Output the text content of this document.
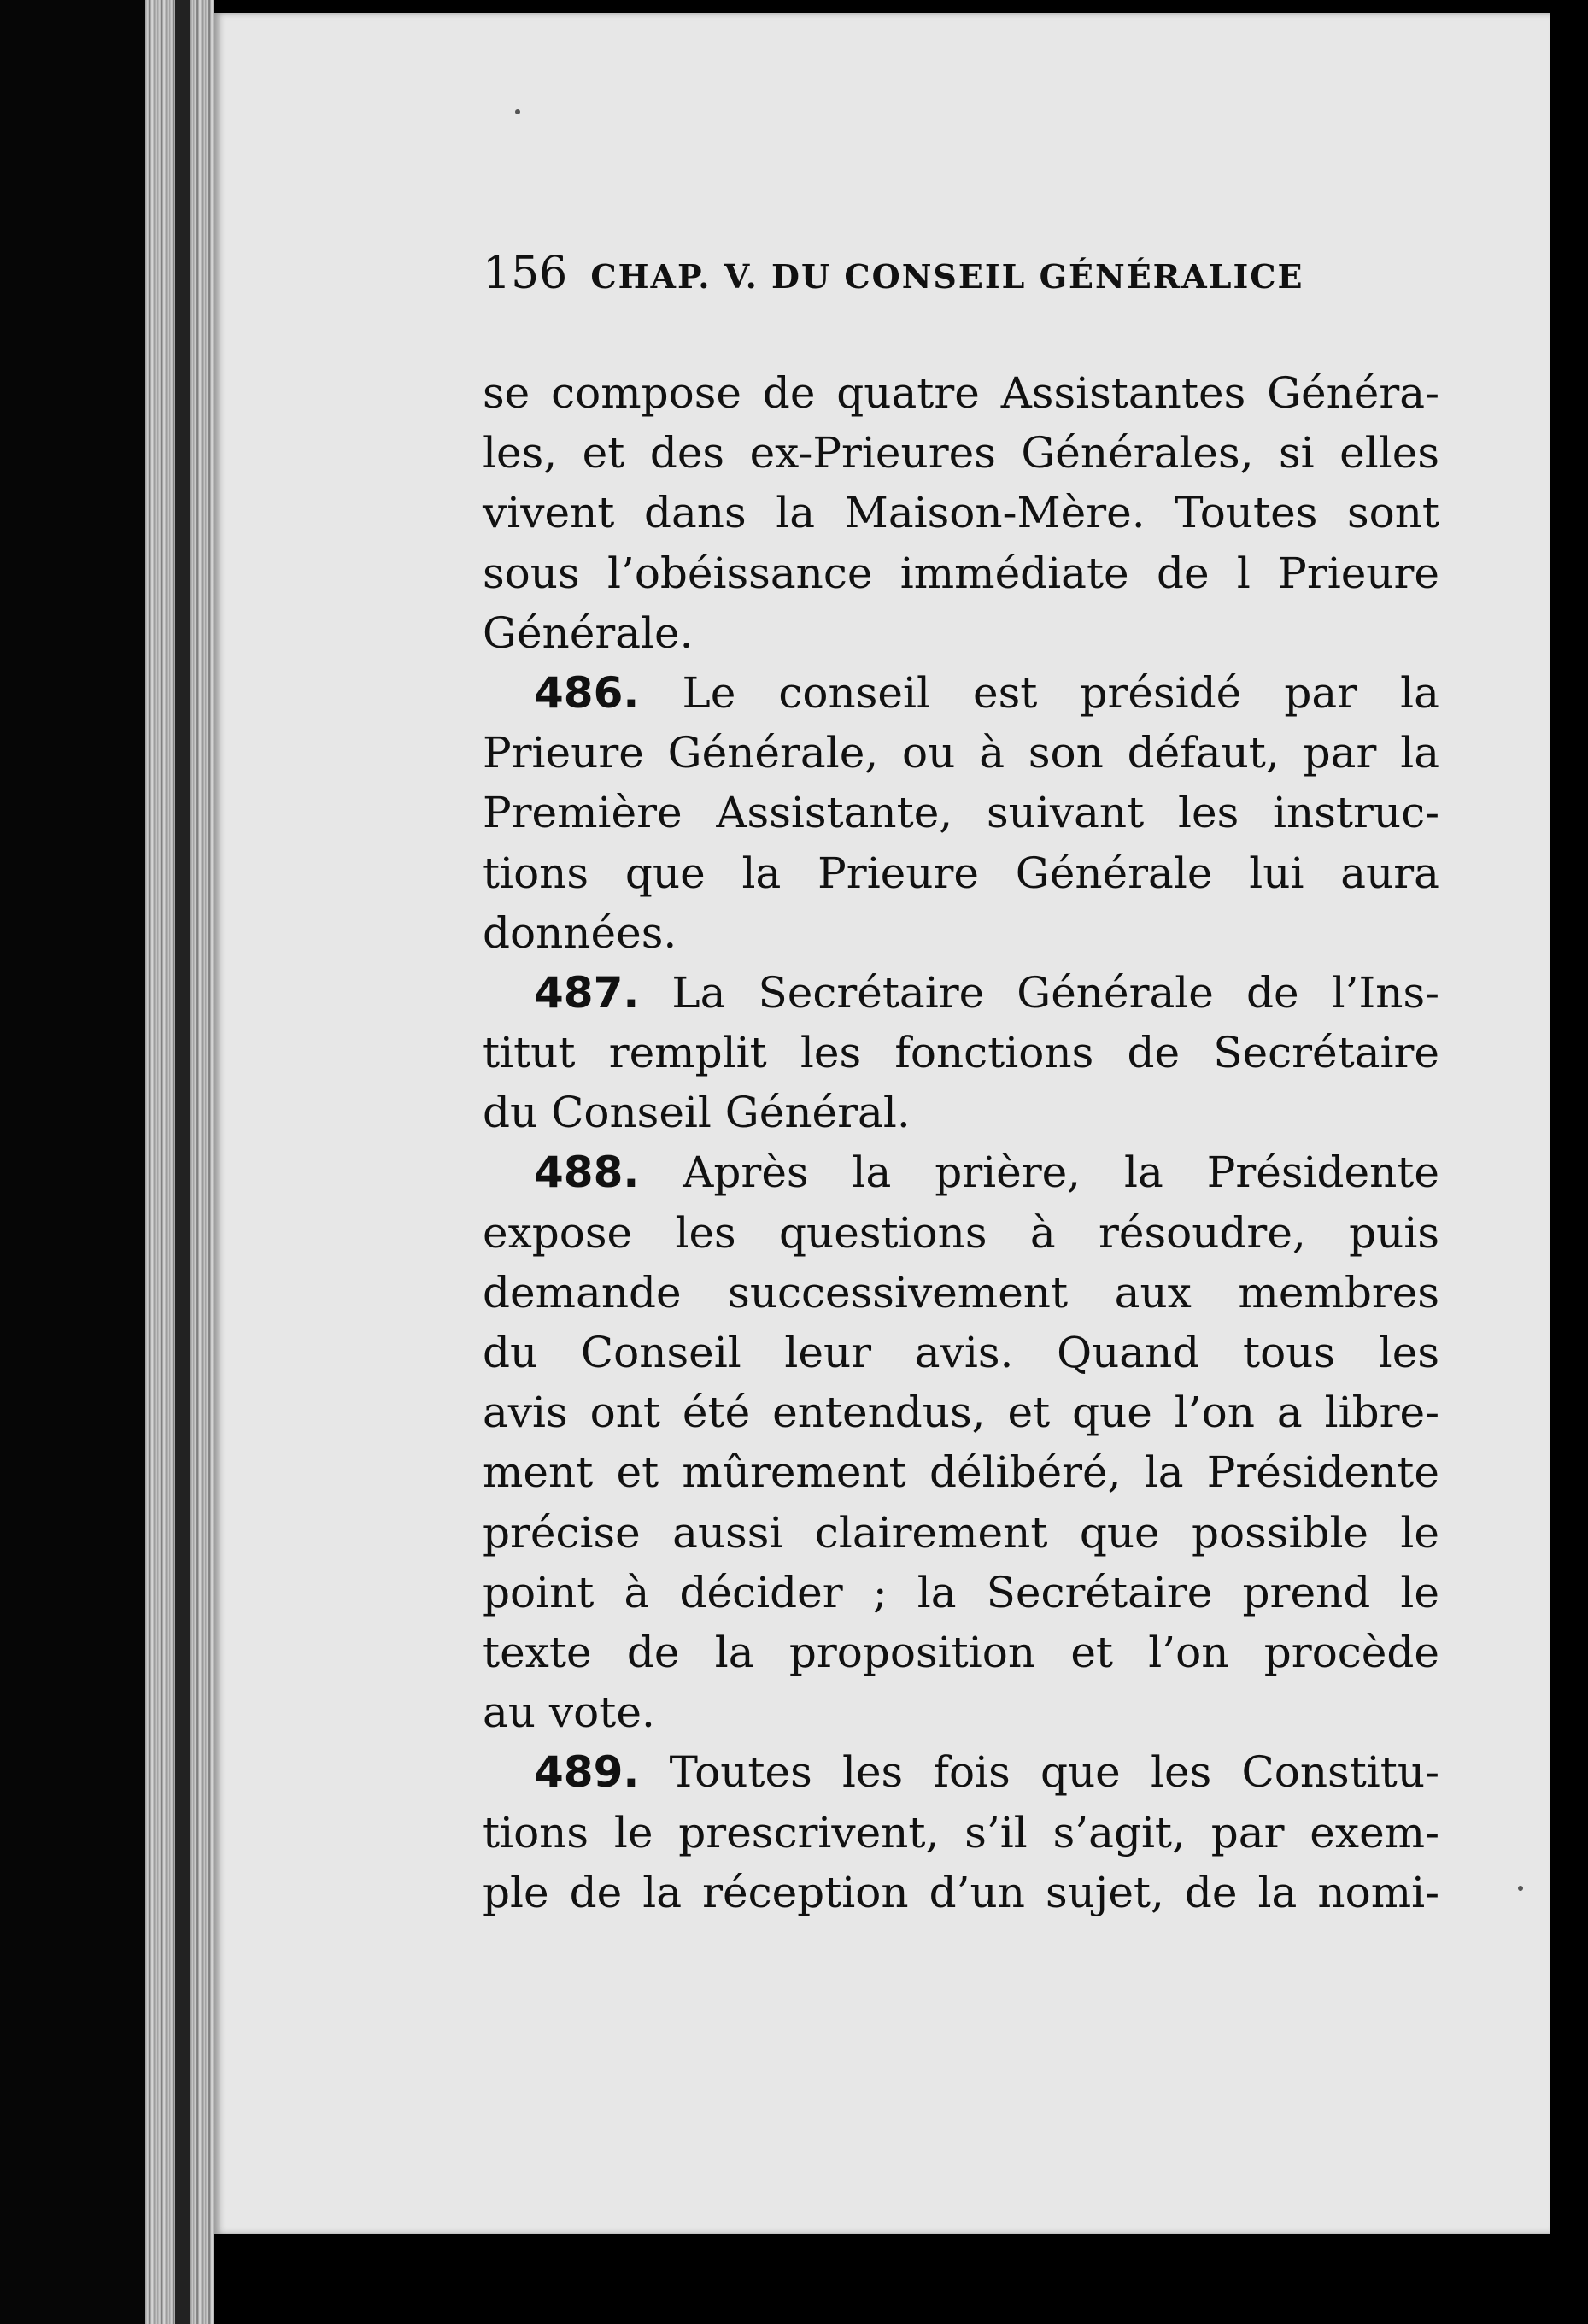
156 CHAP. V. DU CONSEIL GÉNÉRALICE
se compose de quatre Assistantes Généra-
les, et des ex-Prieures Générales, si elles
vivent dans la Maison-Mère. Toutes sont
sous l’obéissance immédiate de l Prieure
Générale.
486. Le conseil est présidé par la
Prieure Générale, ou à son défaut, par la
Première Assistante, suivant les instruc-
tions que la Prieure Générale lui aura
données.
487. La Secrétaire Générale de l’Ins-
titut remplit les fonctions de Secrétaire
du Conseil Général.
488. Après la prière, la Présidente
expose les questions à résoudre, puis
demande successivement aux membres
du Conseil leur avis. Quand tous les
avis ont été entendus, et que l’on a libre-
ment et mûrement délibéré, la Présidente
précise aussi clairement que possible le
point à décider ; la Secrétaire prend le
texte de la proposition et l’on procède
au vote.
489. Toutes les fois que les Constitu-
tions le prescrivent, s’il s’agit, par exem-
ple de la réception d’un sujet, de la nomi-
